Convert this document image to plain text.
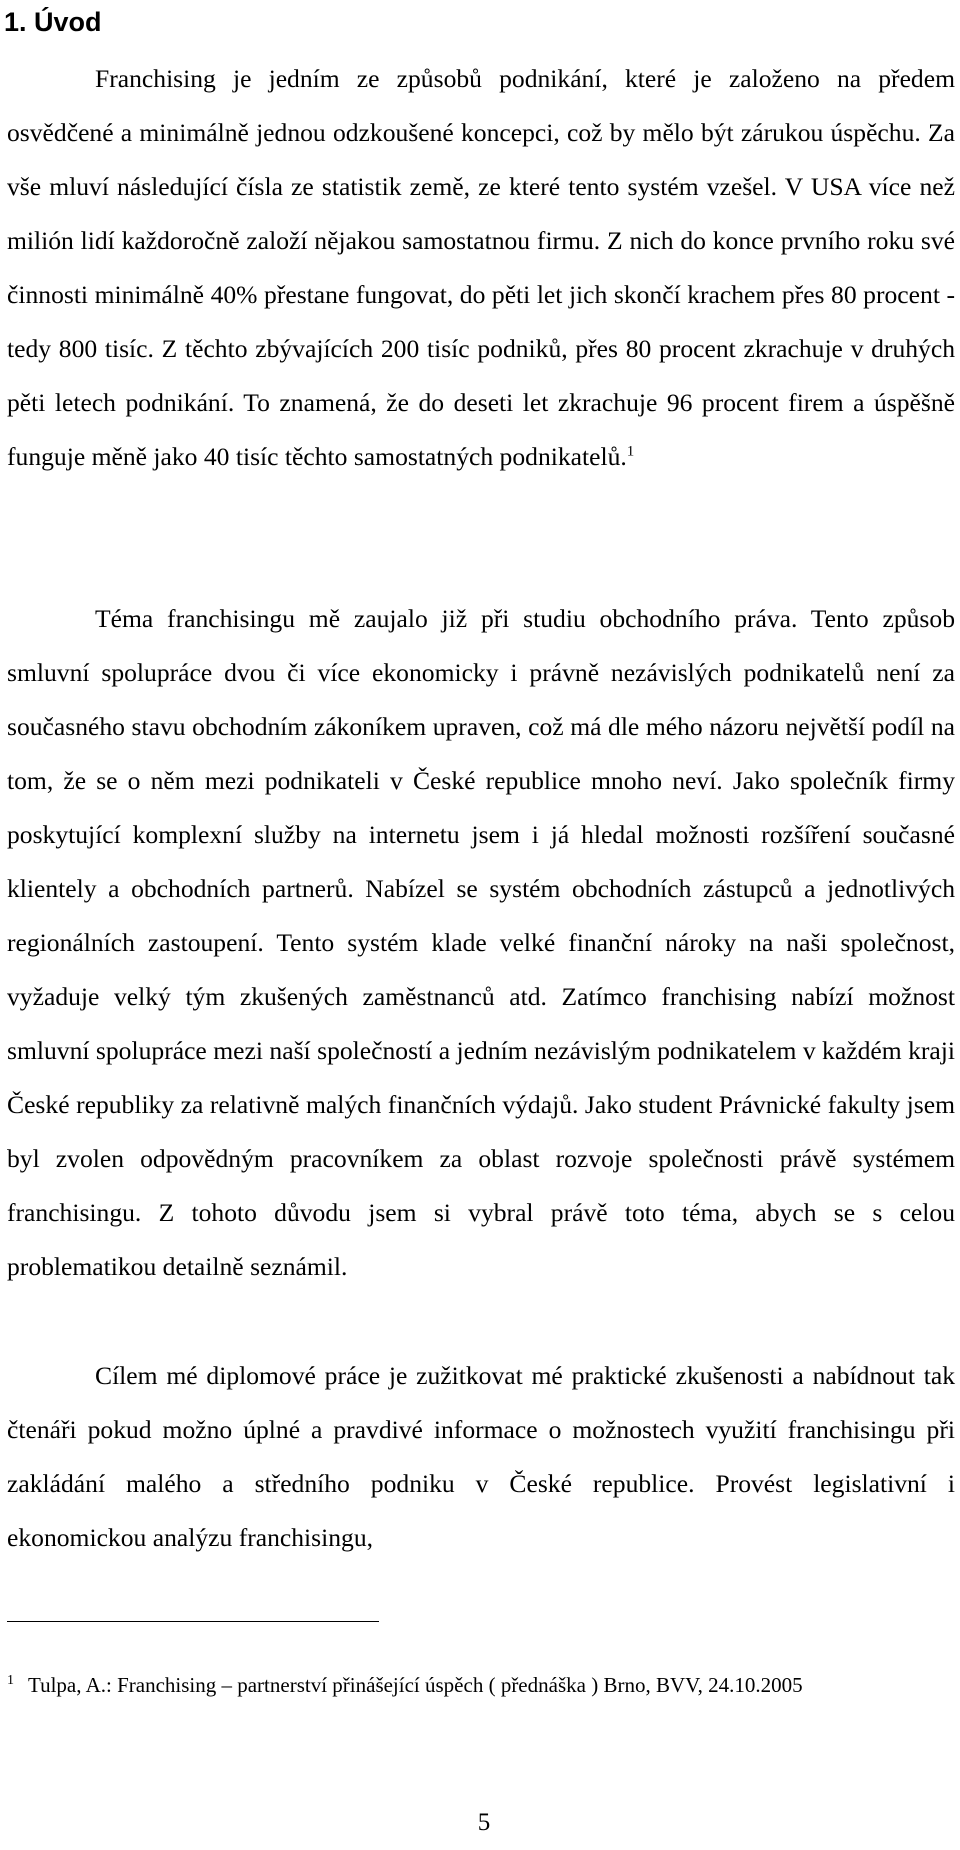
1. Úvod

Franchising je jedním ze způsobů podnikání, které je založeno na předem osvědčené a minimálně jednou odzkoušené koncepci, což by mělo být zárukou úspěchu. Za vše mluví následující čísla ze statistik země, ze které tento systém vzešel. V USA více než milión lidí každoročně založí nějakou samostatnou firmu. Z nich do konce prvního roku své činnosti minimálně 40% přestane fungovat, do pěti let jich skončí krachem přes 80 procent - tedy 800 tisíc. Z těchto zbývajících 200 tisíc podniků, přes 80 procent zkrachuje v druhých pěti letech podnikání. To znamená, že do deseti let zkrachuje 96 procent firem a úspěšně funguje měně jako 40 tisíc těchto samostatných podnikatelů.$^1$

Téma franchisingu mě zaujalo již při studiu obchodního práva. Tento způsob smluvní spolupráce dvou či více ekonomicky i právně nezávislých podnikatelů není za současného stavu obchodním zákoníkem upraven, což má dle mého názoru největší podíl na tom, že se o něm mezi podnikateli v České republice mnoho neví. Jako společník firmy poskytující komplexní služby na internetu jsem i já hledal možnosti rozšíření současné klientely a obchodních partnerů. Nabízel se systém obchodních zástupců a jednotlivých regionálních zastoupení. Tento systém klade velké finanční nároky na naši společnost, vyžaduje velký tým zkušených zaměstnanců atd. Zatímco franchising nabízí možnost smluvní spolupráce mezi naší společností a jedním nezávislým podnikatelem v každém kraji České republiky za relativně malých finančních výdajů. Jako student Právnické fakulty jsem byl zvolen odpovědným pracovníkem za oblast rozvoje společnosti právě systémem franchisingu. Z tohoto důvodu jsem si vybral právě toto téma, abych se s celou problematikou detailně seznámil.

Cílem mé diplomové práce je zužitkovat mé praktické zkušenosti a nabídnout tak čtenáři pokud možno úplné a pravdivé informace o možnostech využití franchisingu při zakládání malého a středního podniku v České republice. Provést legislativní i ekonomickou analýzu franchisingu,

$^1$ Tulpa, A.: Franchising – partnerství přinášející úspěch ( přednáška ) Brno, BVV, 24.10.2005

5
